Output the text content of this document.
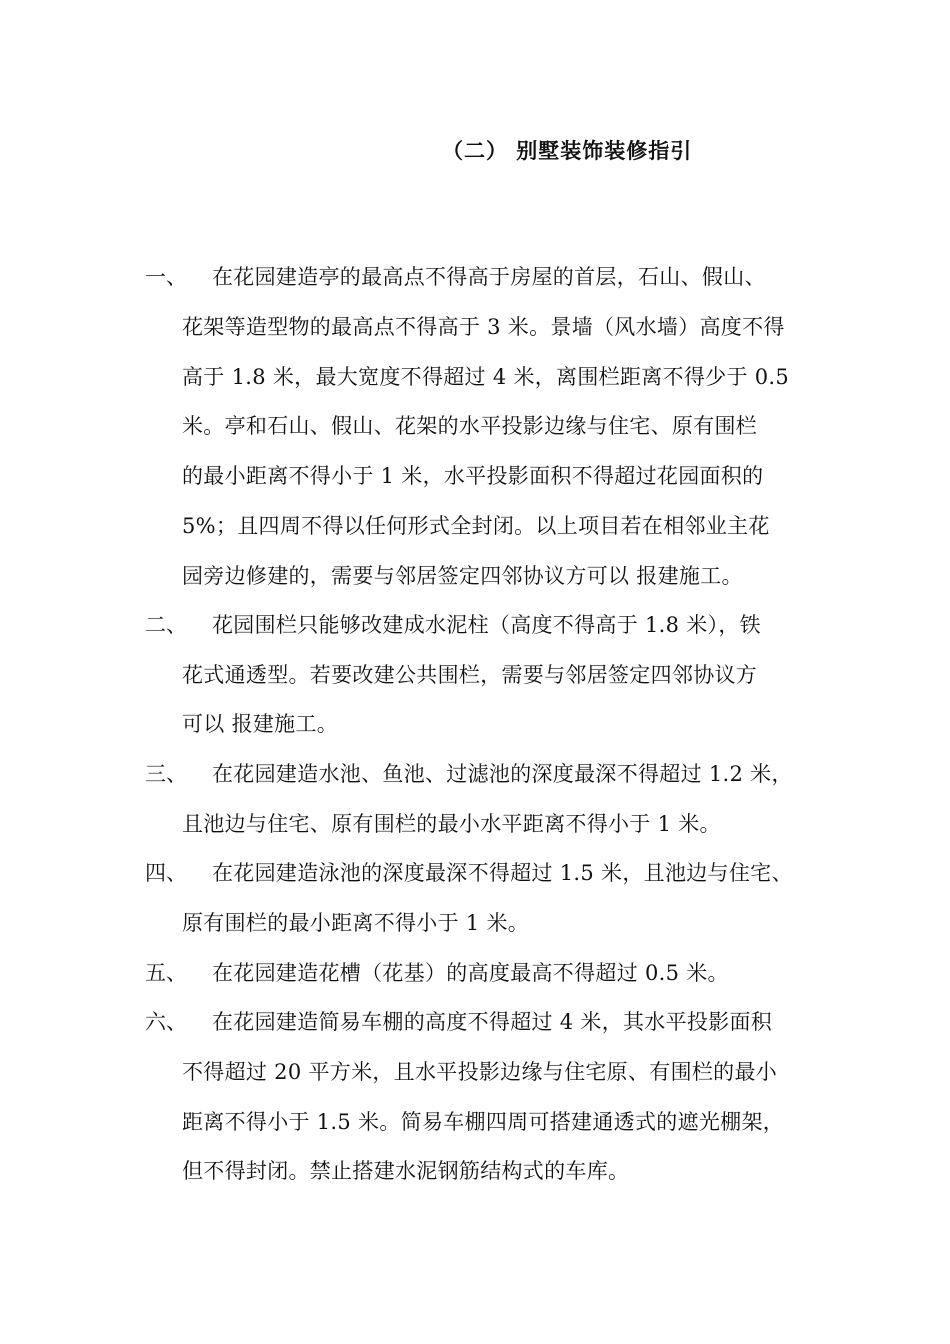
（二） 别墅装饰装修指引
一、 在花园建造亭的最高点不得高于房屋的首层，石山、假山、
花架等造型物的最高点不得高于 3 米。景墙（风水墙）高度不得
高于 1.8 米，最大宽度不得超过 4 米，离围栏距离不得少于 0.5
米。亭和石山、假山、花架的水平投影边缘与住宅、原有围栏
的最小距离不得小于 1 米，水平投影面积不得超过花园面积的
5%；且四周不得以任何形式全封闭。以上项目若在相邻业主花
园旁边修建的，需要与邻居签定四邻协议方可以 报建施工。
二、 花园围栏只能够改建成水泥柱（高度不得高于 1.8 米），铁
花式通透型。若要改建公共围栏，需要与邻居签定四邻协议方
可以 报建施工。
三、 在花园建造水池、鱼池、过滤池的深度最深不得超过 1.2 米，
且池边与住宅、原有围栏的最小水平距离不得小于 1 米。
四、 在花园建造泳池的深度最深不得超过 1.5 米，且池边与住宅、
原有围栏的最小距离不得小于 1 米。
五、 在花园建造花槽（花基）的高度最高不得超过 0.5 米。
六、 在花园建造简易车棚的高度不得超过 4 米，其水平投影面积
不得超过 20 平方米，且水平投影边缘与住宅原、有围栏的最小
距离不得小于 1.5 米。简易车棚四周可搭建通透式的遮光棚架，
但不得封闭。禁止搭建水泥钢筋结构式的车库。
